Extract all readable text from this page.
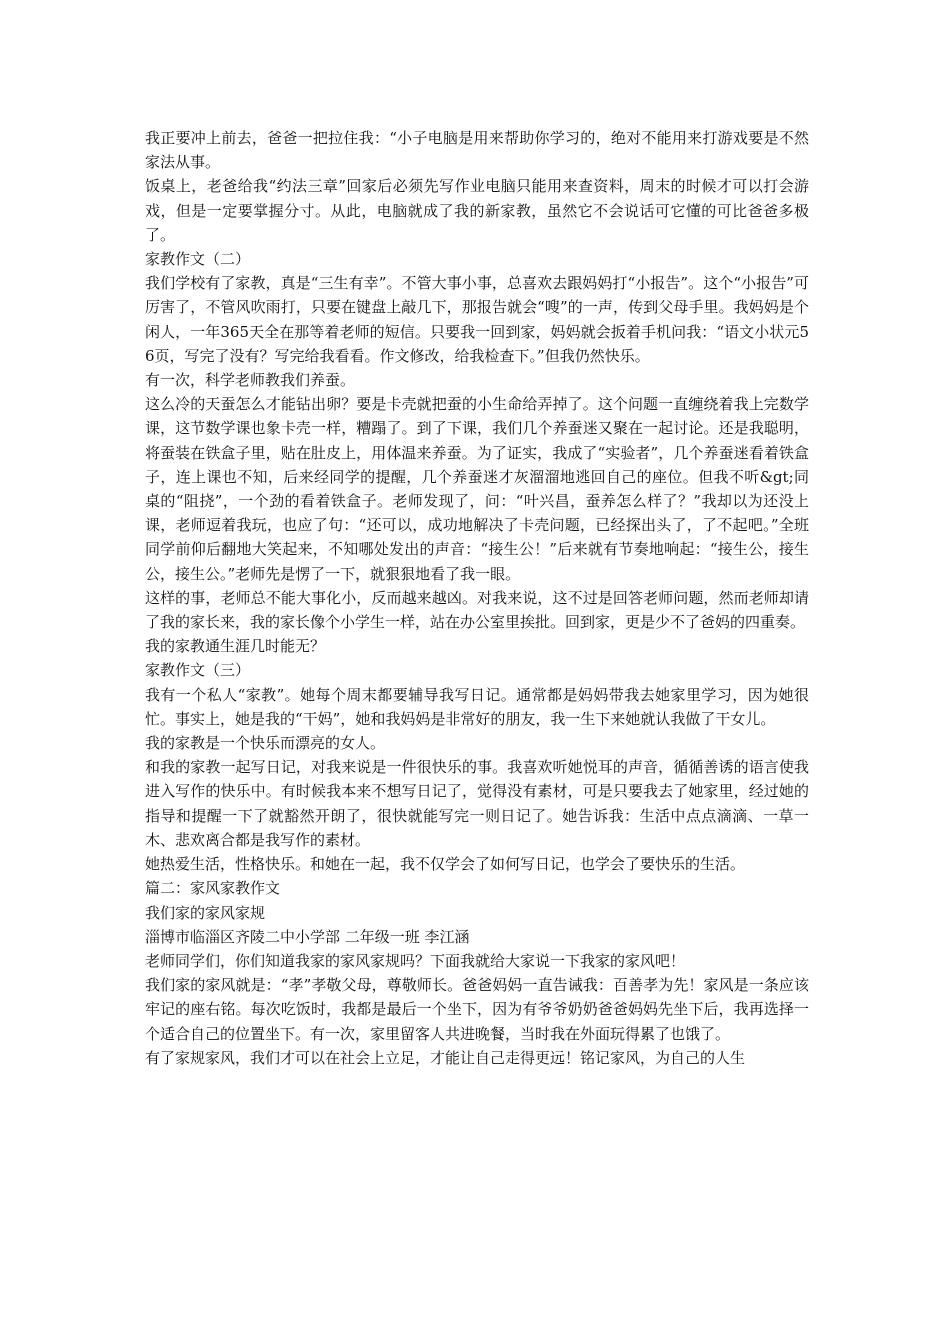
我正要冲上前去，爸爸一把拉住我：“小子电脑是用来帮助你学习的，绝对不能用来打游戏要是不然家法从事。

饭桌上，老爸给我“约法三章”回家后必须先写作业电脑只能用来查资料，周末的时候才可以打会游戏，但是一定要掌握分寸。从此，电脑就成了我的新家教，虽然它不会说话可它懂的可比爸爸多极了。

家教作文（二）

我们学校有了家教，真是“三生有幸”。不管大事小事，总喜欢去跟妈妈打“小报告”。这个“小报告”可厉害了，不管风吹雨打，只要在键盘上敲几下，那报告就会“嗖”的一声，传到父母手里。我妈妈是个闲人，一年365天全在那等着老师的短信。只要我一回到家，妈妈就会扳着手机问我：“语文小状元56页，写完了没有？写完给我看看。作文修改，给我检查下。”但我仍然快乐。

有一次，科学老师教我们养蚕。

这么冷的天蚕怎么才能钻出卵？要是卡壳就把蚕的小生命给弄掉了。这个问题一直缠绕着我上完数学课，这节数学课也象卡壳一样，糟蹋了。到了下课，我们几个养蚕迷又聚在一起讨论。还是我聪明，将蚕装在铁盒子里，贴在肚皮上，用体温来养蚕。为了证实，我成了“实验者”，几个养蚕迷看着铁盒子，连上课也不知，后来经同学的提醒，几个养蚕迷才灰溜溜地逃回自己的座位。但我不听&gt;同桌的“阻挠”，一个劲的看着铁盒子。老师发现了，问：“叶兴昌，蚕养怎么样了？”我却以为还没上课，老师逗着我玩，也应了句：“还可以，成功地解决了卡壳问题，已经探出头了，了不起吧。”全班同学前仰后翻地大笑起来，不知哪处发出的声音：“接生公！”后来就有节奏地响起：“接生公，接生公，接生公。”老师先是愣了一下，就狠狠地看了我一眼。

这样的事，老师总不能大事化小，反而越来越凶。对我来说，这不过是回答老师问题，然而老师却请了我的家长来，我的家长像个小学生一样，站在办公室里挨批。回到家，更是少不了爸妈的四重奏。

我的家教通生涯几时能无？

家教作文（三）

我有一个私人“家教”。她每个周末都要辅导我写日记。通常都是妈妈带我去她家里学习，因为她很忙。事实上，她是我的“干妈”，她和我妈妈是非常好的朋友，我一生下来她就认我做了干女儿。

我的家教是一个快乐而漂亮的女人。

和我的家教一起写日记，对我来说是一件很快乐的事。我喜欢听她悦耳的声音，循循善诱的语言使我进入写作的快乐中。有时候我本来不想写日记了，觉得没有素材，可是只要我去了她家里，经过她的指导和提醒一下了就豁然开朗了，很快就能写完一则日记了。她告诉我：生活中点点滴滴、一草一木、悲欢离合都是我写作的素材。

她热爱生活，性格快乐。和她在一起，我不仅学会了如何写日记，也学会了要快乐的生活。

篇二：家风家教作文

我们家的家风家规

淄博市临淄区齐陵二中小学部 二年级一班 李江涵

老师同学们，你们知道我家的家风家规吗？下面我就给大家说一下我家的家风吧！

我们家的家风就是：“孝”孝敬父母，尊敬师长。爸爸妈妈一直告诫我：百善孝为先！家风是一条应该牢记的座右铭。每次吃饭时，我都是最后一个坐下，因为有爷爷奶奶爸爸妈妈先坐下后，我再选择一个适合自己的位置坐下。有一次，家里留客人共进晚餐，当时我在外面玩得累了也饿了。

有了家规家风，我们才可以在社会上立足，才能让自己走得更远！铭记家风，为自己的人生
